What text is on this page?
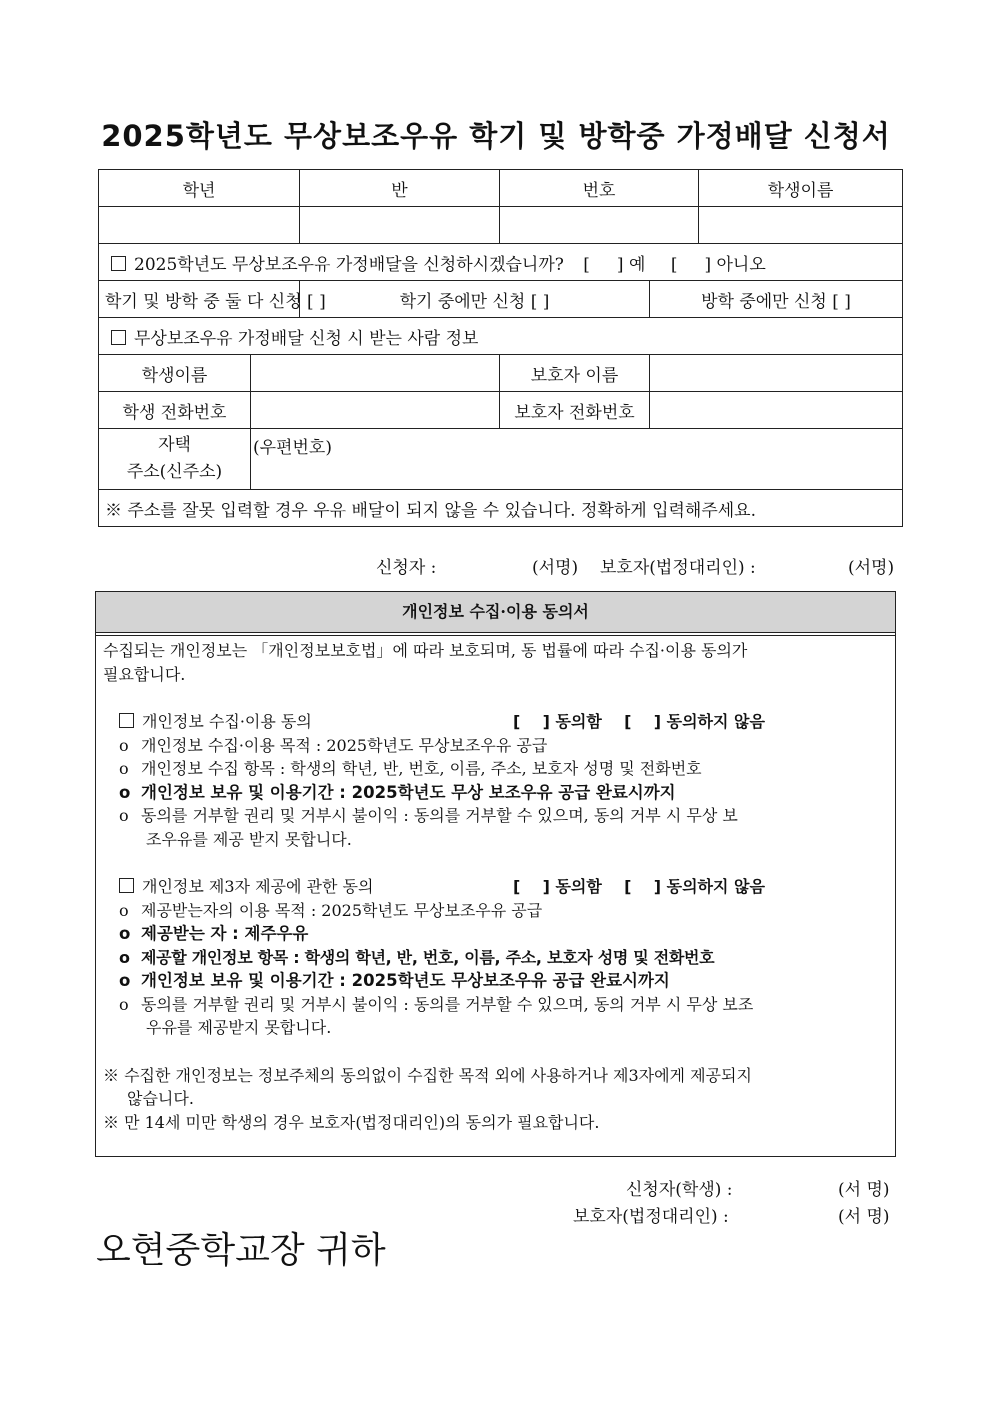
2025학년도 무상보조우유 학기 및 방학중 가정배달 신청서
학년		반	번호		학생이름

2025학년도 무상보조우유 가정배달을 신청하시겠습니까? [     ] 예 [     ] 아니오					
학기 및 방학 중 둘 다 신청 [ ]		학기 중에만 신청 [ ]		방학 중에만 신청 [ ]	
무상보조우유 가정배달 신청 시 받는 사람 정보					
학생이름			보호자 이름		
학생 전화번호			보호자 전화번호		

자택
주소(신주소)	(우편번호)				
※ 주소를 잘못 입력할 경우 우유 배달이 되지 않을 수 있습니다. 정확하게 입력해주세요.					
신청자 :	(서명) 보호자(법정대리인) :	(서명)
개인정보 수집·이용 동의서
수집되는 개인정보는 「개인정보보호법」에 따라 보호되며, 동 법률에 따라 수집·이용 동의가
필요합니다.
개인정보 수집·이용 동의	[    ] 동의함 [    ] 동의하지 않음
o 개인정보 수집·이용 목적 : 2025학년도 무상보조우유 공급
o 개인정보 수집 항목 : 학생의 학년, 반, 번호, 이름, 주소, 보호자 성명 및 전화번호
o 개인정보 보유 및 이용기간 : 2025학년도 무상 보조우유 공급 완료시까지
o 동의를 거부할 권리 및 거부시 불이익 : 동의를 거부할 수 있으며, 동의 거부 시 무상 보
조우유를 제공 받지 못합니다.
개인정보 제3자 제공에 관한 동의	[    ] 동의함 [    ] 동의하지 않음
o 제공받는자의 이용 목적 : 2025학년도 무상보조우유 공급
o 제공받는 자 : 제주우유
o 제공할 개인정보 항목 : 학생의 학년, 반, 번호, 이름, 주소, 보호자 성명 및 전화번호
o 개인정보 보유 및 이용기간 : 2025학년도 무상보조우유 공급 완료시까지
o 동의를 거부할 권리 및 거부시 불이익 : 동의를 거부할 수 있으며, 동의 거부 시 무상 보조
우유를 제공받지 못합니다.
※ 수집한 개인정보는 정보주체의 동의없이 수집한 목적 외에 사용하거나 제3자에게 제공되지
않습니다.
※ 만 14세 미만 학생의 경우 보호자(법정대리인)의 동의가 필요합니다.
신청자(학생) :	(서 명)
보호자(법정대리인) :	(서 명)
오현중학교장 귀하
